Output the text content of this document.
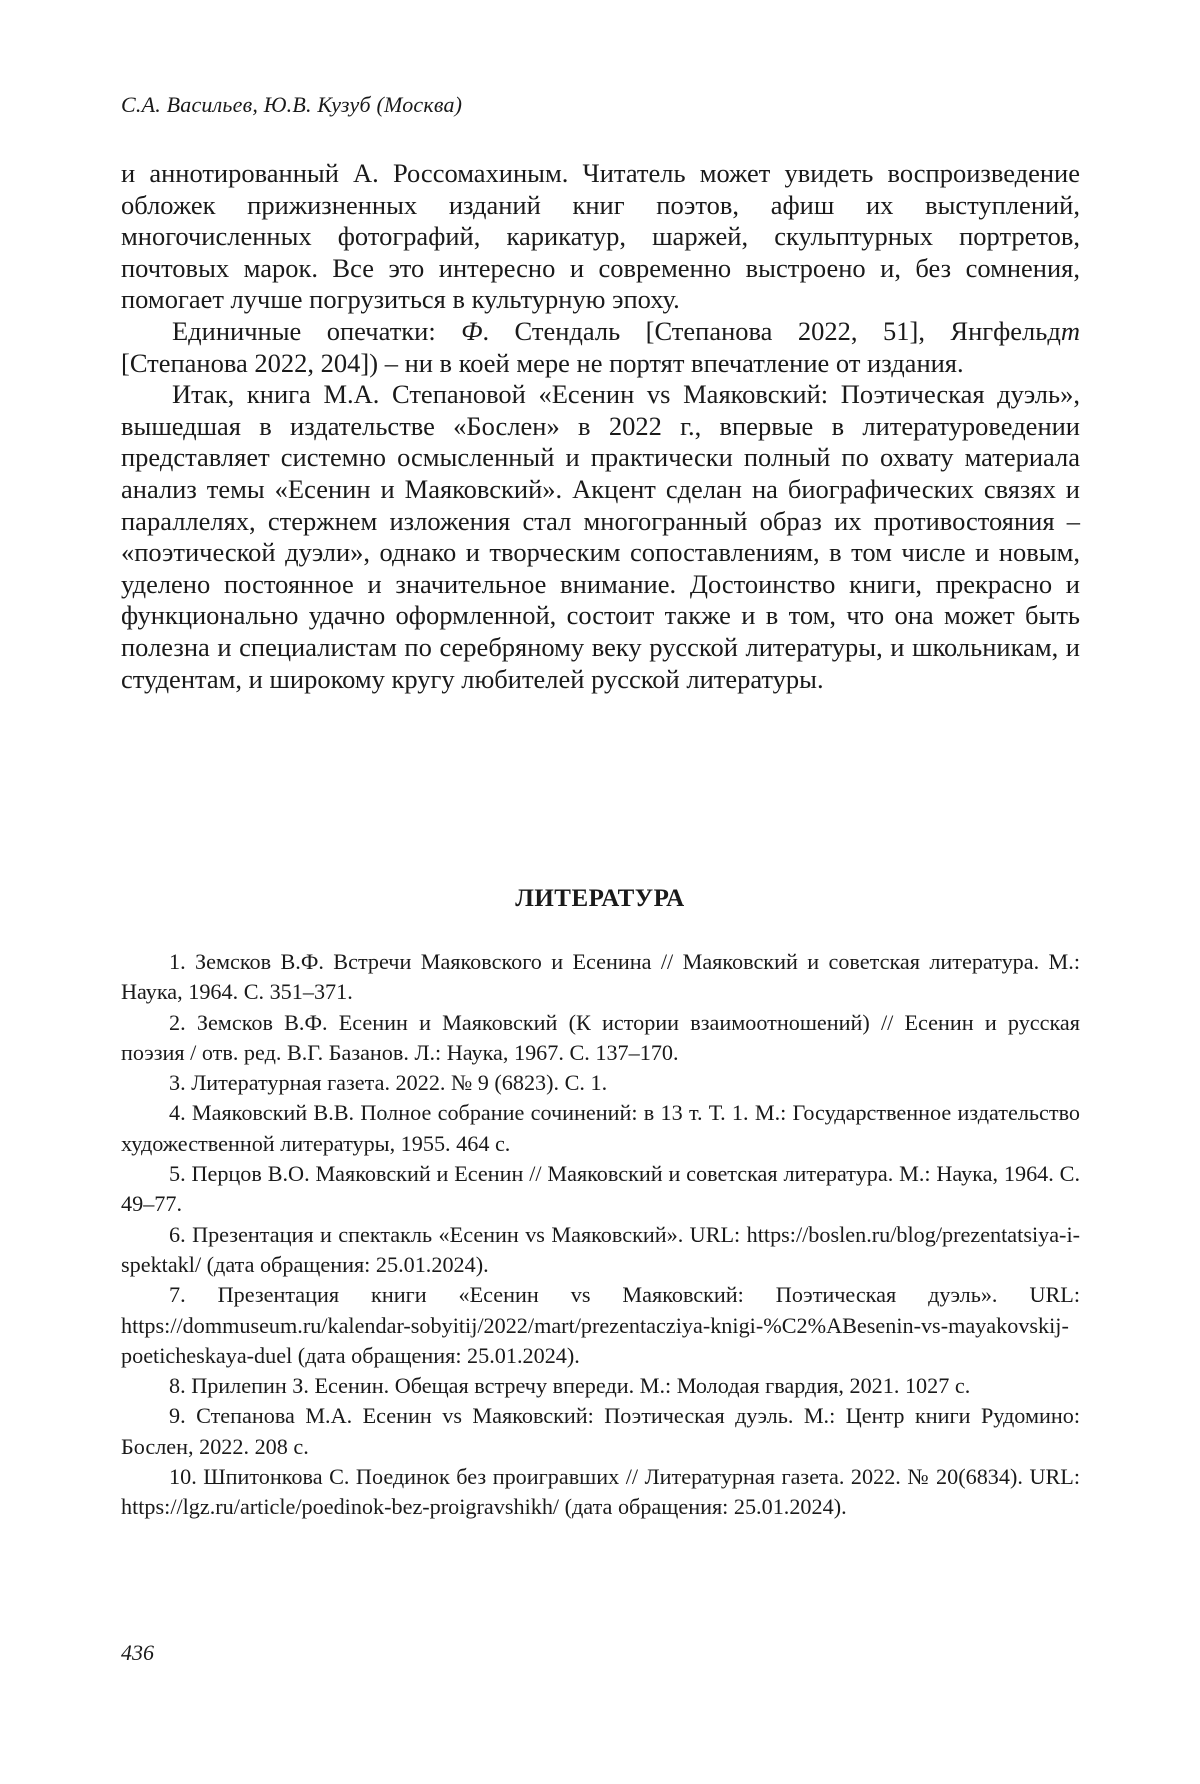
С.А. Васильев, Ю.В. Кузуб (Москва)

и аннотированный А. Россомахиным. Читатель может увидеть воспроизведение обложек прижизненных изданий книг поэтов, афиш их выступлений, многочисленных фотографий, карикатур, шаржей, скульптурных портретов, почтовых марок. Все это интересно и современно выстроено и, без сомнения, помогает лучше погрузиться в культурную эпоху.

Единичные опечатки: Ф. Стендаль [Степанова 2022, 51], Янгфельдт [Степанова 2022, 204]) – ни в коей мере не портят впечатление от издания.

Итак, книга М.А. Степановой «Есенин vs Маяковский: Поэтическая дуэль», вышедшая в издательстве «Бослен» в 2022 г., впервые в литературоведении представляет системно осмысленный и практически полный по охвату материала анализ темы «Есенин и Маяковский». Акцент сделан на биографических связях и параллелях, стержнем изложения стал многогранный образ их противостояния – «поэтической дуэли», однако и творческим сопоставлениям, в том числе и новым, уделено постоянное и значительное внимание. Достоинство книги, прекрасно и функционально удачно оформленной, состоит также и в том, что она может быть полезна и специалистам по серебряному веку русской литературы, и школьникам, и студентам, и широкому кругу любителей русской литературы.

ЛИТЕРАТУРА

1. Земсков В.Ф. Встречи Маяковского и Есенина // Маяковский и советская литература. М.: Наука, 1964. С. 351–371.

2. Земсков В.Ф. Есенин и Маяковский (К истории взаимоотношений) // Есенин и русская поэзия / отв. ред. В.Г. Базанов. Л.: Наука, 1967. С. 137–170.

3. Литературная газета. 2022. № 9 (6823). С. 1.

4. Маяковский В.В. Полное собрание сочинений: в 13 т. Т. 1. М.: Государственное издательство художественной литературы, 1955. 464 с.

5. Перцов В.О. Маяковский и Есенин // Маяковский и советская литература. М.: Наука, 1964. С. 49–77.

6. Презентация и спектакль «Есенин vs Маяковский». URL: https://boslen.ru/blog/prezentatsiya-i-spektakl/ (дата обращения: 25.01.2024).

7. Презентация книги «Есенин vs Маяковский: Поэтическая дуэль». URL: https://dommuseum.ru/kalendar-sobyitij/2022/mart/prezentacziya-knigi-%C2%ABesenin-vs-mayakovskij-poeticheskaya-duel (дата обращения: 25.01.2024).

8. Прилепин З. Есенин. Обещая встречу впереди. М.: Молодая гвардия, 2021. 1027 с.

9. Степанова М.А. Есенин vs Маяковский: Поэтическая дуэль. М.: Центр книги Рудомино: Бослен, 2022. 208 с.

10. Шпитонкова С. Поединок без проигравших // Литературная газета. 2022. № 20(6834). URL: https://lgz.ru/article/poedinok-bez-proigravshikh/ (дата обращения: 25.01.2024).

436
